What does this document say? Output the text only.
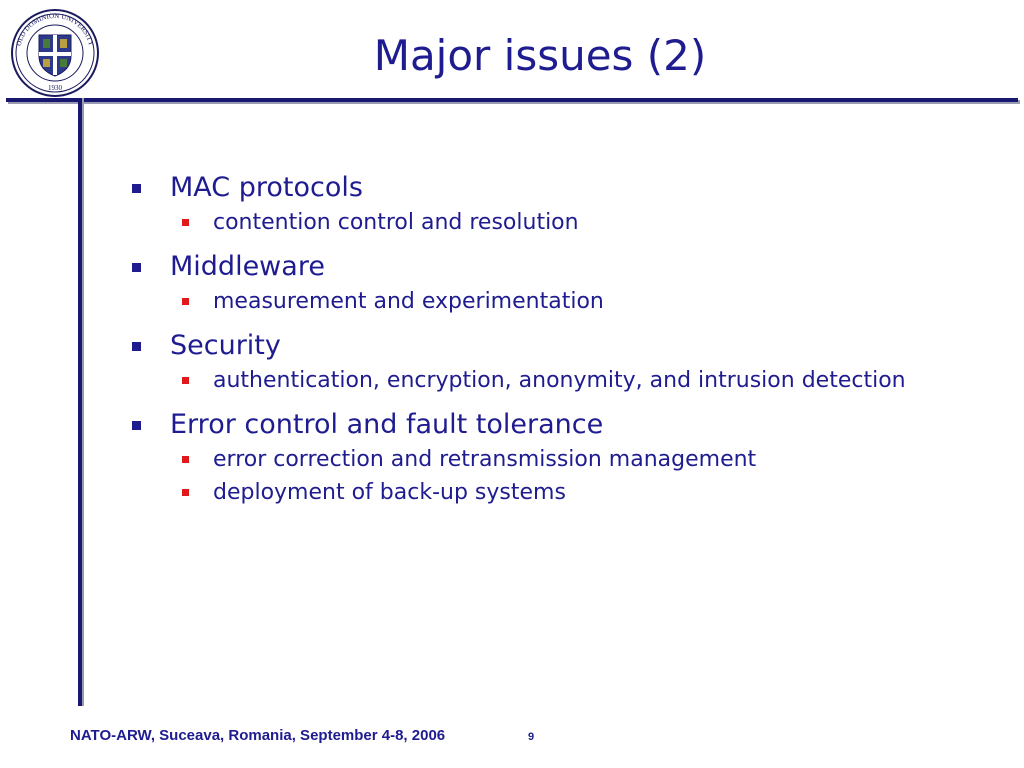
OLD DOMINION UNIVERSITY
1930
Major issues (2)
MAC protocols
contention control and resolution
Middleware
measurement and experimentation
Security
authentication, encryption, anonymity, and intrusion detection
Error control and fault tolerance
error correction and retransmission management
deployment of back-up systems
NATO-ARW, Suceava, Romania, September 4-8, 2006	9
